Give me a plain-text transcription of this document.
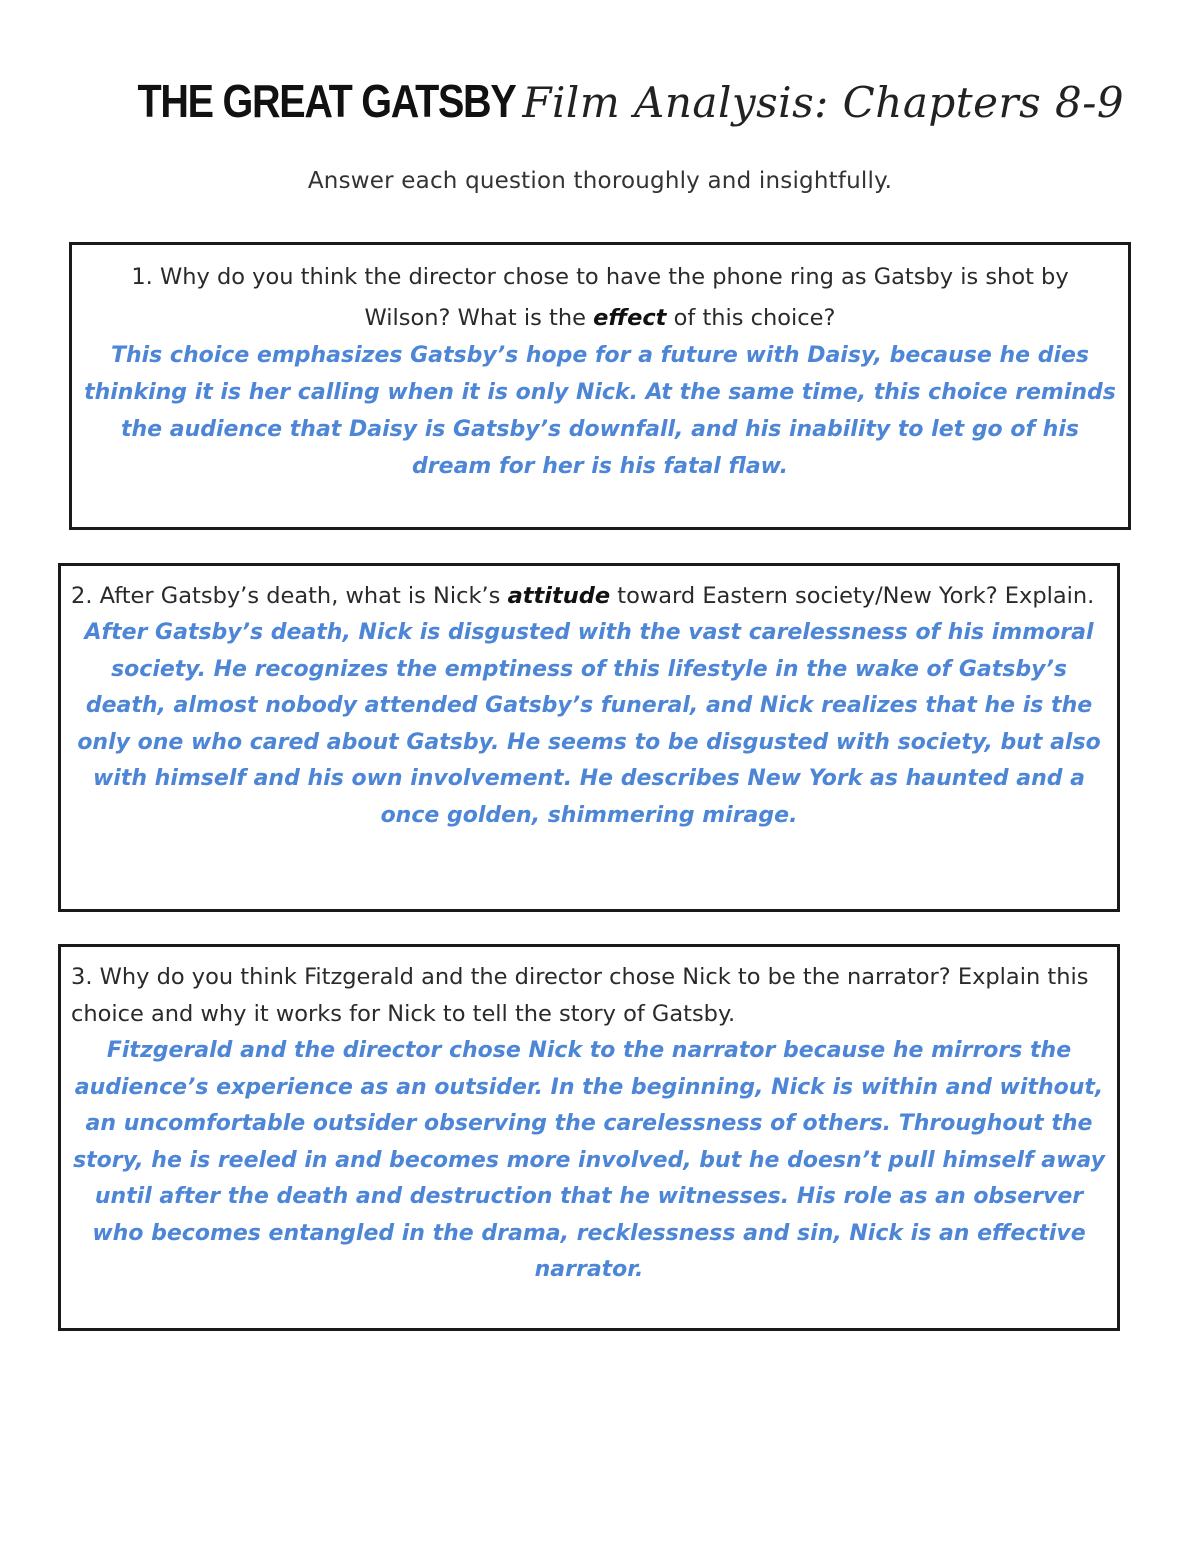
THE GREAT GATSBY Film Analysis: Chapters 8-9
Answer each question thoroughly and insightfully.
1. Why do you think the director chose to have the phone ring as Gatsby is shot by Wilson? What is the effect of this choice?
This choice emphasizes Gatsby’s hope for a future with Daisy, because he dies thinking it is her calling when it is only Nick. At the same time, this choice reminds the audience that Daisy is Gatsby’s downfall, and his inability to let go of his dream for her is his fatal flaw.
2. After Gatsby’s death, what is Nick’s attitude toward Eastern society/New York? Explain.
After Gatsby’s death, Nick is disgusted with the vast carelessness of his immoral society. He recognizes the emptiness of this lifestyle in the wake of Gatsby’s death, almost nobody attended Gatsby’s funeral, and Nick realizes that he is the only one who cared about Gatsby. He seems to be disgusted with society, but also with himself and his own involvement. He describes New York as haunted and a once golden, shimmering mirage.
3. Why do you think Fitzgerald and the director chose Nick to be the narrator? Explain this choice and why it works for Nick to tell the story of Gatsby.
Fitzgerald and the director chose Nick to the narrator because he mirrors the audience’s experience as an outsider. In the beginning, Nick is within and without, an uncomfortable outsider observing the carelessness of others. Throughout the story, he is reeled in and becomes more involved, but he doesn’t pull himself away until after the death and destruction that he witnesses. His role as an observer who becomes entangled in the drama, recklessness and sin, Nick is an effective narrator.
